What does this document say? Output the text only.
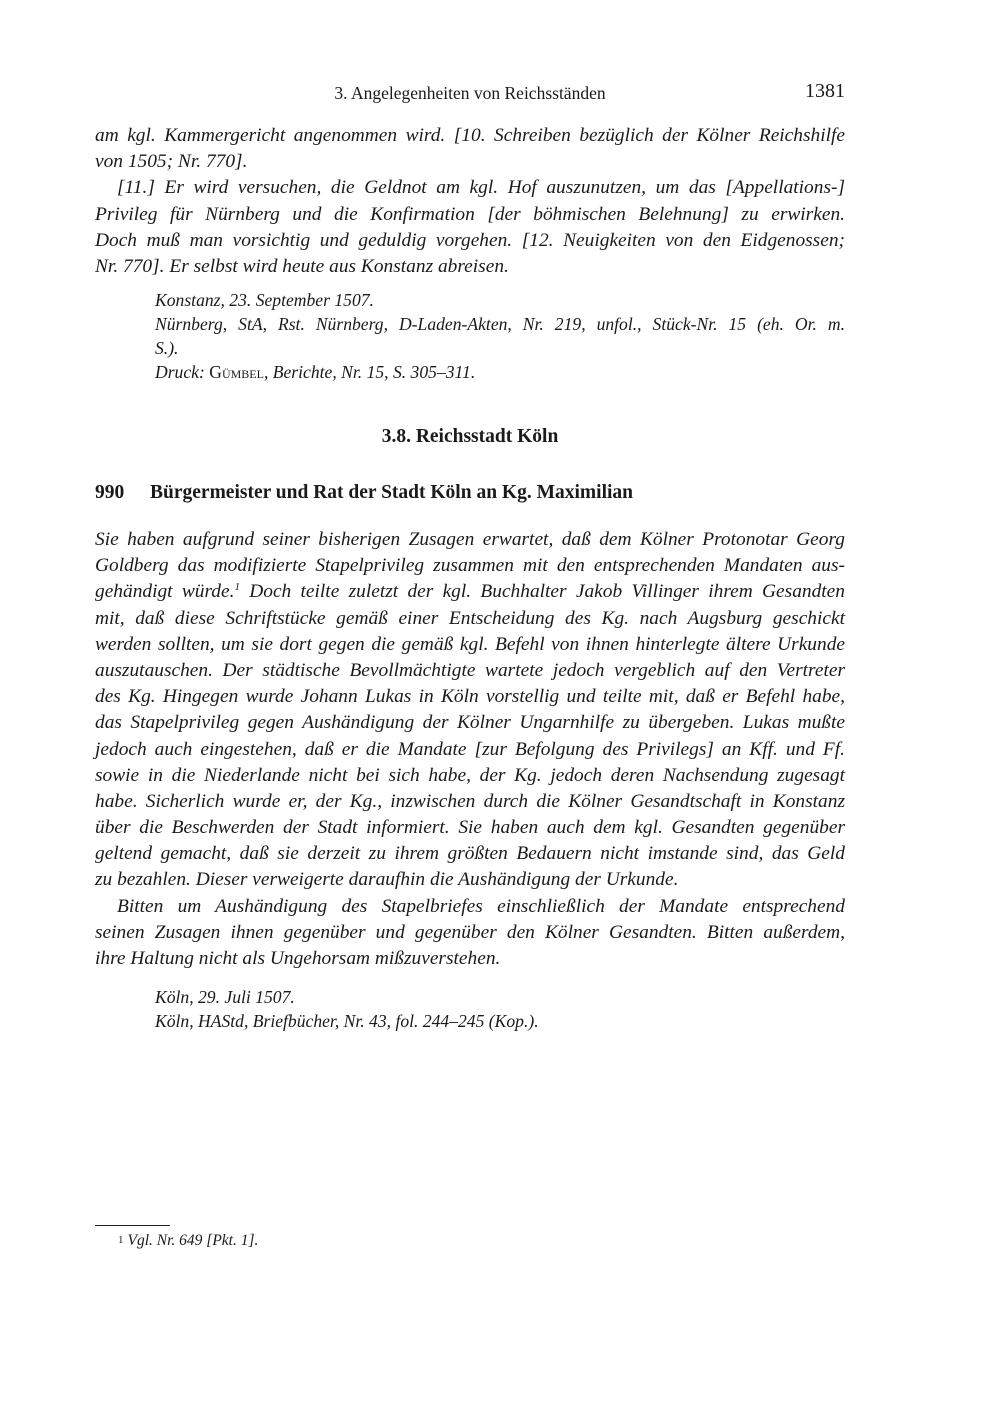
3. Angelegenheiten von Reichsständen	1381
am kgl. Kammergericht angenommen wird. [10. Schreiben bezüglich der Kölner Reichshilfe
von 1505; Nr. 770].
[11.] Er wird versuchen, die Geldnot am kgl. Hof auszunutzen, um das [Appellations-]
Privileg für Nürnberg und die Konfirmation [der böhmischen Belehnung] zu erwirken.
Doch muß man vorsichtig und geduldig vorgehen. [12. Neuigkeiten von den Eidgenossen;
Nr. 770]. Er selbst wird heute aus Konstanz abreisen.
Konstanz, 23. September 1507.
Nürnberg, StA, Rst. Nürnberg, D-Laden-Akten, Nr. 219, unfol., Stück-Nr. 15 (eh. Or. m.
S.).
Druck: Gümbel, Berichte, Nr. 15, S. 305–311.
3.8. Reichsstadt Köln
990 Bürgermeister und Rat der Stadt Köln an Kg. Maximilian
Sie haben aufgrund seiner bisherigen Zusagen erwartet, daß dem Kölner Protonotar Georg
Goldberg das modifizierte Stapelprivileg zusammen mit den entsprechenden Mandaten aus-
gehändigt würde.$^1$ Doch teilte zuletzt der kgl. Buchhalter Jakob Villinger ihrem Gesandten
mit, daß diese Schriftstücke gemäß einer Entscheidung des Kg. nach Augsburg geschickt
werden sollten, um sie dort gegen die gemäß kgl. Befehl von ihnen hinterlegte ältere Urkunde
auszutauschen. Der städtische Bevollmächtigte wartete jedoch vergeblich auf den Vertreter
des Kg. Hingegen wurde Johann Lukas in Köln vorstellig und teilte mit, daß er Befehl habe,
das Stapelprivileg gegen Aushändigung der Kölner Ungarnhilfe zu übergeben. Lukas mußte
jedoch auch eingestehen, daß er die Mandate [zur Befolgung des Privilegs] an Kff. und Ff.
sowie in die Niederlande nicht bei sich habe, der Kg. jedoch deren Nachsendung zugesagt
habe. Sicherlich wurde er, der Kg., inzwischen durch die Kölner Gesandtschaft in Konstanz
über die Beschwerden der Stadt informiert. Sie haben auch dem kgl. Gesandten gegenüber
geltend gemacht, daß sie derzeit zu ihrem größten Bedauern nicht imstande sind, das Geld
zu bezahlen. Dieser verweigerte daraufhin die Aushändigung der Urkunde.
Bitten um Aushändigung des Stapelbriefes einschließlich der Mandate entsprechend
seinen Zusagen ihnen gegenüber und gegenüber den Kölner Gesandten. Bitten außerdem,
ihre Haltung nicht als Ungehorsam mißzuverstehen.
Köln, 29. Juli 1507.
Köln, HAStd, Briefbücher, Nr. 43, fol. 244–245 (Kop.).
1 Vgl. Nr. 649 [Pkt. 1].
